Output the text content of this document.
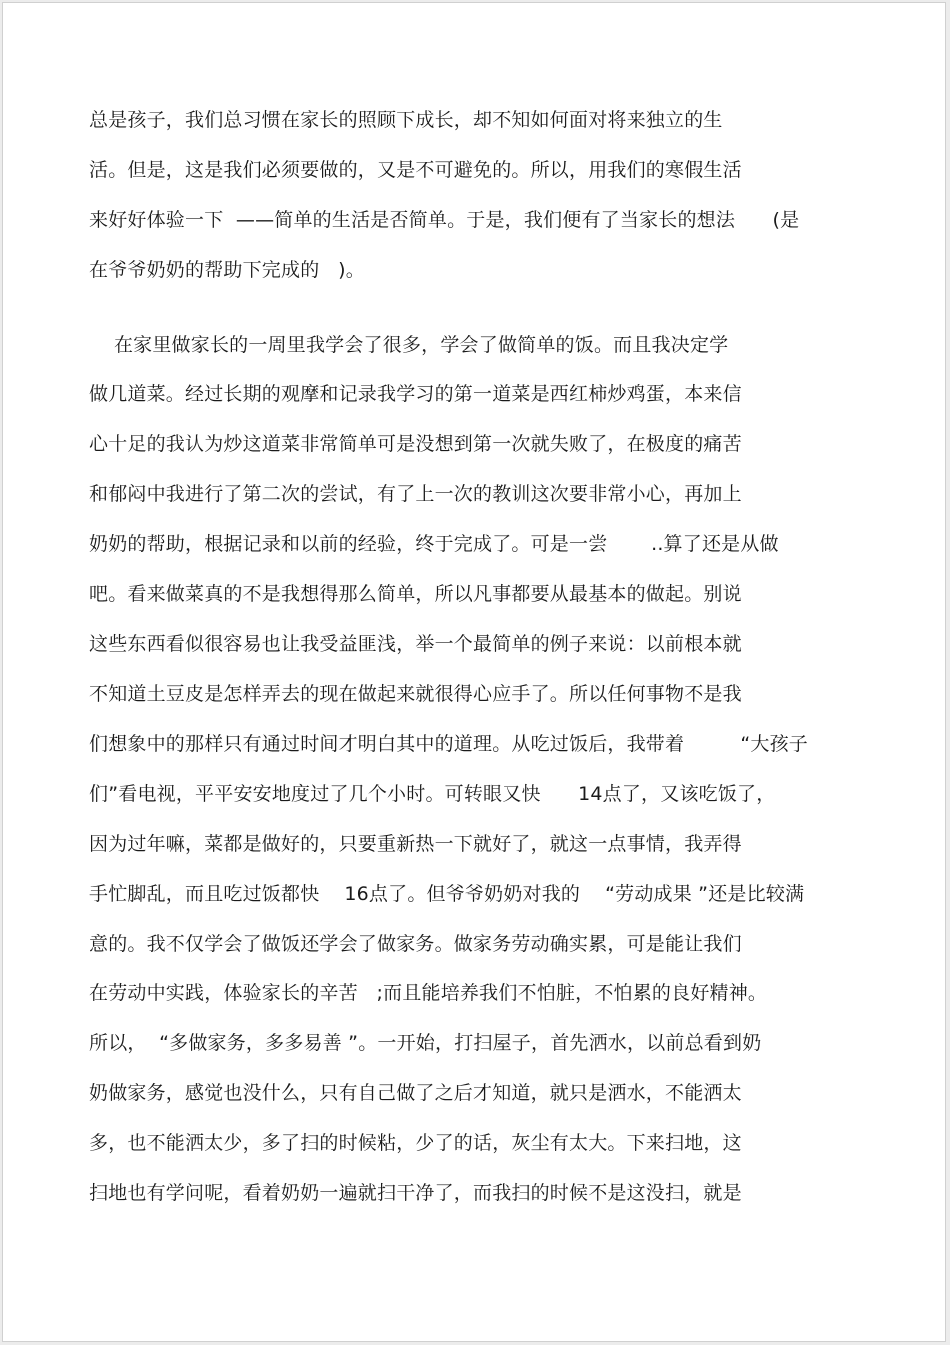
总是孩子，我们总习惯在家长的照顾下成长，却不知如何面对将来独立的生
活。但是，这是我们必须要做的，又是不可避免的。所以，用我们的寒假生活
来好好体验一下  ——简单的生活是否简单。于是，我们便有了当家长的想法      (是
在爷爷奶奶的帮助下完成的   )。
在家里做家长的一周里我学会了很多，学会了做简单的饭。而且我决定学
做几道菜。经过长期的观摩和记录我学习的第一道菜是西红柿炒鸡蛋，本来信
心十足的我认为炒这道菜非常简单可是没想到第一次就失败了，在极度的痛苦
和郁闷中我进行了第二次的尝试，有了上一次的教训这次要非常小心，再加上
奶奶的帮助，根据记录和以前的经验，终于完成了。可是一尝       ..算了还是从做
吧。看来做菜真的不是我想得那么简单，所以凡事都要从最基本的做起。别说
这些东西看似很容易也让我受益匪浅，举一个最简单的例子来说：以前根本就
不知道土豆皮是怎样弄去的现在做起来就很得心应手了。所以任何事物不是我
们想象中的那样只有通过时间才明白其中的道理。从吃过饭后，我带着         “大孩子
们”看电视，平平安安地度过了几个小时。可转眼又快      14点了，又该吃饭了，
因为过年嘛，菜都是做好的，只要重新热一下就好了，就这一点事情，我弄得
手忙脚乱，而且吃过饭都快    16点了。但爷爷奶奶对我的    “劳动成果 ”还是比较满
意的。我不仅学会了做饭还学会了做家务。做家务劳动确实累，可是能让我们
在劳动中实践，体验家长的辛苦   ;而且能培养我们不怕脏，不怕累的良好精神。
所以，  “多做家务，多多易善 ”。一开始，打扫屋子，首先洒水，以前总看到奶
奶做家务，感觉也没什么，只有自己做了之后才知道，就只是洒水，不能洒太
多，也不能洒太少，多了扫的时候粘，少了的话，灰尘有太大。下来扫地，这
扫地也有学问呢，看着奶奶一遍就扫干净了，而我扫的时候不是这没扫，就是
